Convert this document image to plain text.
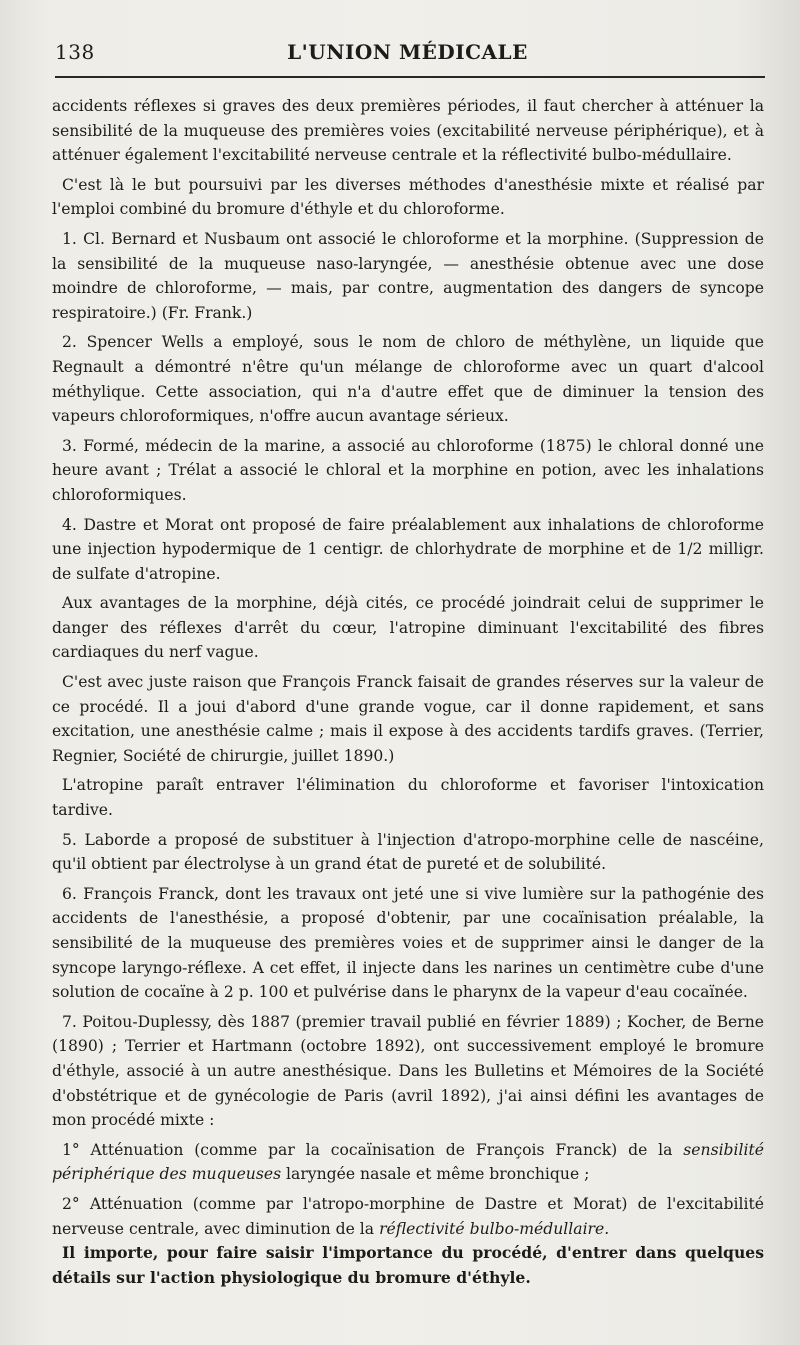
138	L'UNION MÉDICALE

accidents réflexes si graves des deux premières périodes, il faut chercher à atténuer la sensibilité de la muqueuse des premières voies (excitabilité nerveuse périphérique), et à atténuer également l'excitabilité nerveuse centrale et la réflectivité bulbo-médullaire.

C'est là le but poursuivi par les diverses méthodes d'anesthésie mixte et réalisé par l'emploi combiné du bromure d'éthyle et du chloroforme.

1. Cl. Bernard et Nusbaum ont associé le chloroforme et la morphine. (Suppression de la sensibilité de la muqueuse naso-laryngée, — anesthésie obtenue avec une dose moindre de chloroforme, — mais, par contre, augmentation des dangers de syncope respiratoire.) (Fr. Frank.)

2. Spencer Wells a employé, sous le nom de chloro de méthylène, un liquide que Regnault a démontré n'être qu'un mélange de chloroforme avec un quart d'alcool méthylique. Cette association, qui n'a d'autre effet que de diminuer la tension des vapeurs chloroformiques, n'offre aucun avantage sérieux.

3. Formé, médecin de la marine, a associé au chloroforme (1875) le chloral donné une heure avant ; Trélat a associé le chloral et la morphine en potion, avec les inhalations chloroformiques.

4. Dastre et Morat ont proposé de faire préalablement aux inhalations de chloroforme une injection hypodermique de 1 centigr. de chlorhydrate de morphine et de 1/2 milligr. de sulfate d'atropine.

Aux avantages de la morphine, déjà cités, ce procédé joindrait celui de supprimer le danger des réflexes d'arrêt du cœur, l'atropine diminuant l'excitabilité des fibres cardiaques du nerf vague.

C'est avec juste raison que François Franck faisait de grandes réserves sur la valeur de ce procédé. Il a joui d'abord d'une grande vogue, car il donne rapidement, et sans excitation, une anesthésie calme ; mais il expose à des accidents tardifs graves. (Terrier, Regnier, Société de chirurgie, juillet 1890.)

L'atropine paraît entraver l'élimination du chloroforme et favoriser l'intoxication tardive.

5. Laborde a proposé de substituer à l'injection d'atropo-morphine celle de nascéine, qu'il obtient par électrolyse à un grand état de pureté et de solubilité.

6. François Franck, dont les travaux ont jeté une si vive lumière sur la pathogénie des accidents de l'anesthésie, a proposé d'obtenir, par une cocaïnisation préalable, la sensibilité de la muqueuse des premières voies et de supprimer ainsi le danger de la syncope laryngo-réflexe. A cet effet, il injecte dans les narines un centimètre cube d'une solution de cocaïne à 2 p. 100 et pulvérise dans le pharynx de la vapeur d'eau cocaïnée.

7. Poitou-Duplessy, dès 1887 (premier travail publié en février 1889) ; Kocher, de Berne (1890) ; Terrier et Hartmann (octobre 1892), ont successivement employé le bromure d'éthyle, associé à un autre anesthésique. Dans les Bulletins et Mémoires de la Société d'obstétrique et de gynécologie de Paris (avril 1892), j'ai ainsi défini les avantages de mon procédé mixte :

1° Atténuation (comme par la cocaïnisation de François Franck) de la sensibilité périphérique des muqueuses laryngée nasale et même bronchique ;

2° Atténuation (comme par l'atropo-morphine de Dastre et Morat) de l'excitabilité nerveuse centrale, avec diminution de la réflectivité bulbo-médullaire.

Il importe, pour faire saisir l'importance du procédé, d'entrer dans quelques détails sur l'action physiologique du bromure d'éthyle.
